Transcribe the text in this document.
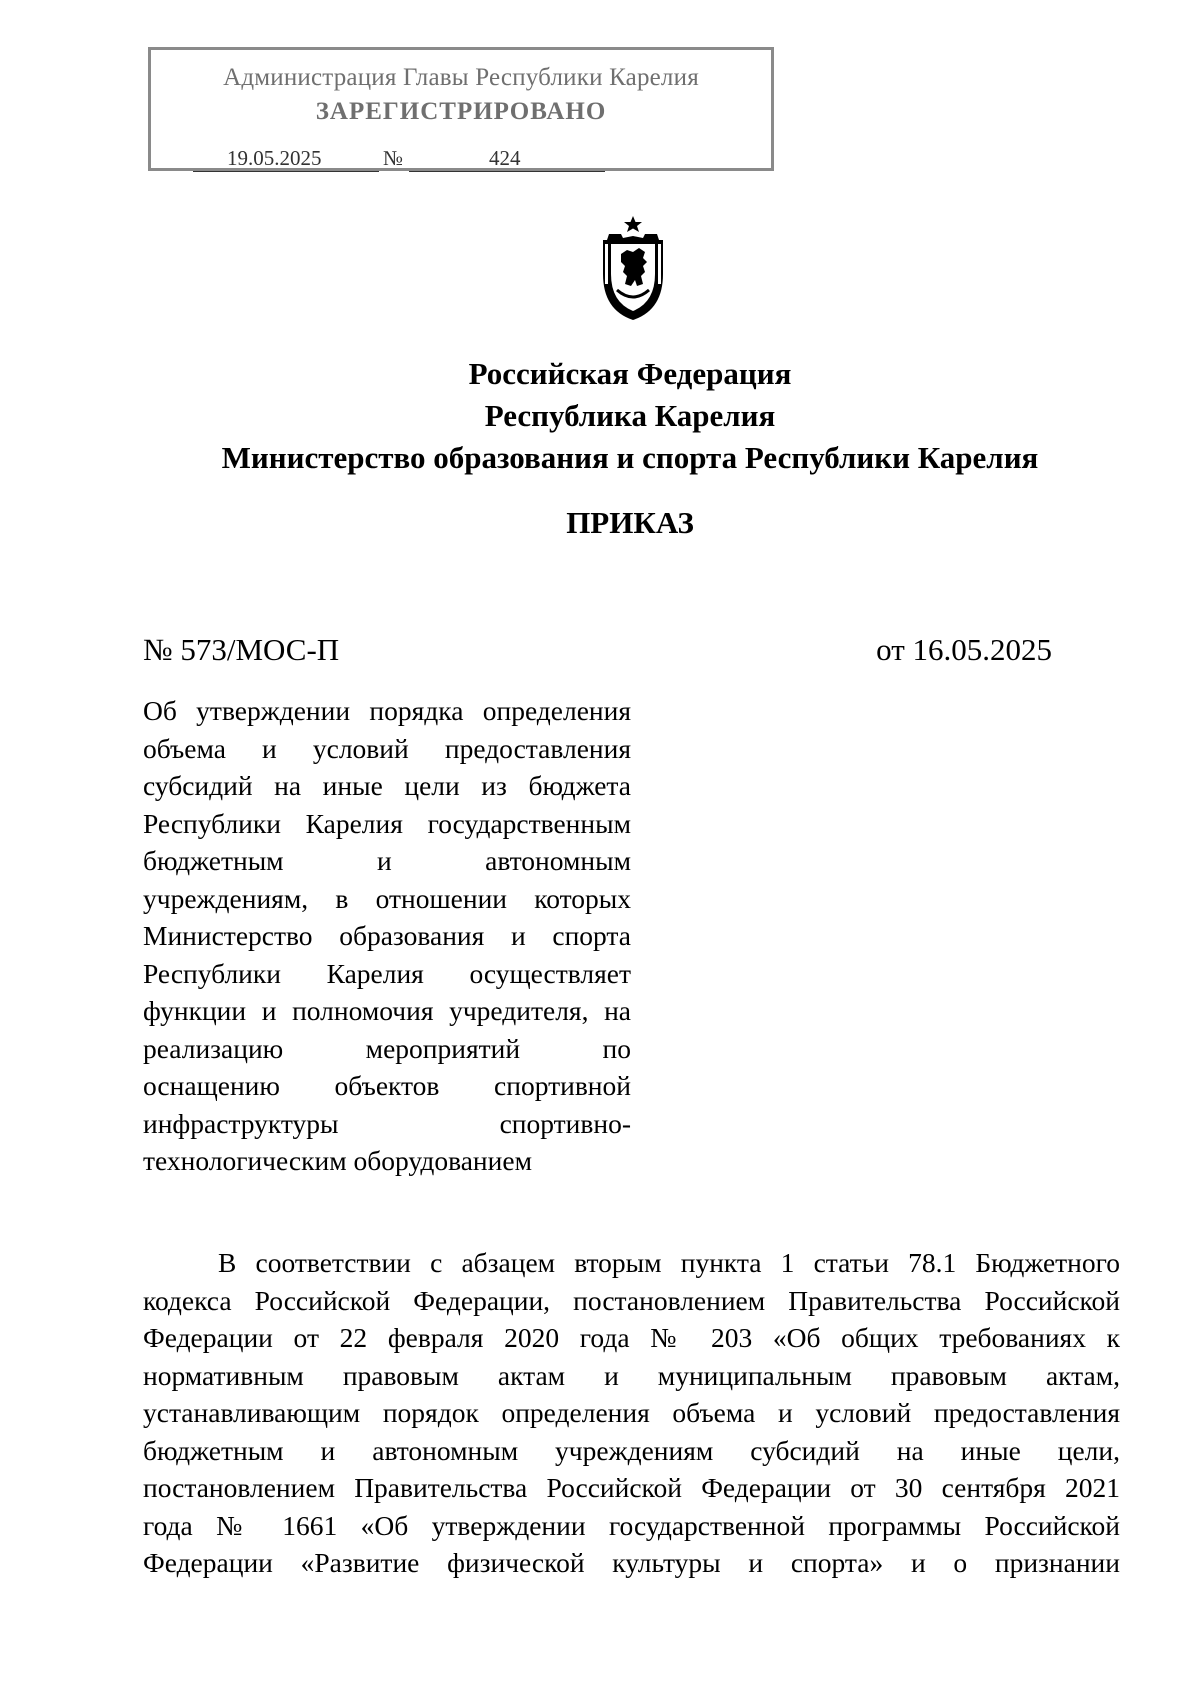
Администрация Главы Республики Карелия
ЗАРЕГИСТРИРОВАНО
19.05.2025	№	424
Российская Федерация
Республика Карелия
Министерство образования и спорта Республики Карелия
ПРИКАЗ
№ 573/МОС-П	от 16.05.2025
Об утверждении порядка определения
объема и условий предоставления
субсидий на иные цели из бюджета
Республики Карелия государственным
бюджетным и автономным
учреждениям, в отношении которых
Министерство образования и спорта
Республики Карелия осуществляет
функции и полномочия учредителя, на
реализацию мероприятий по
оснащению объектов спортивной
инфраструктуры спортивно-
технологическим оборудованием
В соответствии с абзацем вторым пункта 1 статьи 78.1 Бюджетного
кодекса Российской Федерации, постановлением Правительства Российской
Федерации от 22 февраля 2020 года № 203 «Об общих требованиях к
нормативным правовым актам и муниципальным правовым актам,
устанавливающим порядок определения объема и условий предоставления
бюджетным и автономным учреждениям субсидий на иные цели,
постановлением Правительства Российской Федерации от 30 сентября 2021
года № 1661 «Об утверждении государственной программы Российской
Федерации «Развитие физической культуры и спорта» и о признании
